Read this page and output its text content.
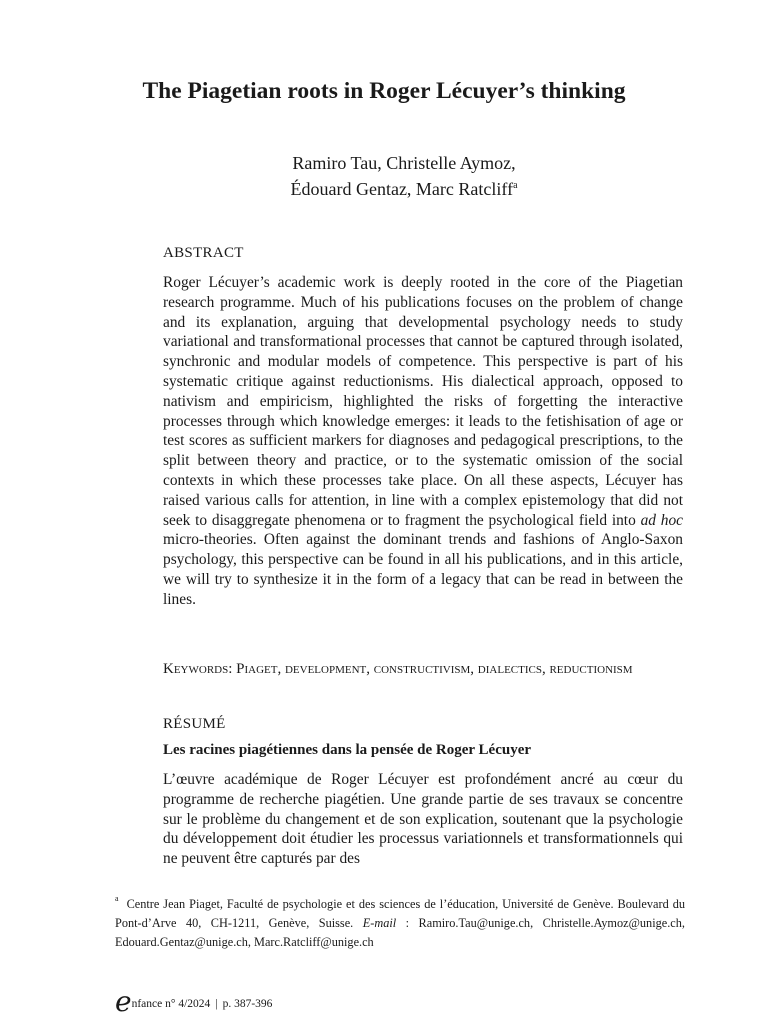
The Piagetian roots in Roger Lécuyer’s thinking
Ramiro Tau, Christelle Aymoz,
Édouard Gentaz, Marc Ratcliff$^a$
ABSTRACT

Roger Lécuyer’s academic work is deeply rooted in the core of the Piagetian research programme. Much of his publications focuses on the problem of change and its explanation, arguing that developmental psychology needs to study variational and transformational processes that cannot be captured through isolated, synchronic and modular models of competence. This perspective is part of his systematic critique against reductionisms. His dialectical approach, opposed to nativism and empiricism, highlighted the risks of forgetting the interactive processes through which knowledge emerges: it leads to the fetishisation of age or test scores as sufficient markers for diagnoses and pedagogical prescriptions, to the split between theory and practice, or to the systematic omission of the social contexts in which these processes take place. On all these aspects, Lécuyer has raised various calls for attention, in line with a complex epistemology that did not seek to disaggregate phenomena or to fragment the psychological field into ad hoc micro-theories. Often against the dominant trends and fashions of Anglo-Saxon psychology, this perspective can be found in all his publications, and in this article, we will try to synthesize it in the form of a legacy that can be read in between the lines.

Keywords: Piaget, development, constructivism, dialectics, reductionism
RÉSUMÉ
Les racines piagétiennes dans la pensée de Roger Lécuyer

L’œuvre académique de Roger Lécuyer est profondément ancré au cœur du programme de recherche piagétien. Une grande partie de ses travaux se concentre sur le problème du changement et de son explication, soutenant que la psychologie du développement doit étudier les processus variationnels et transformationnels qui ne peuvent être capturés par des

$^a$ Centre Jean Piaget, Faculté de psychologie et des sciences de l’éducation, Université de Genève. Boulevard du Pont-d’Arve 40, CH-1211, Genève, Suisse. E-mail : Ramiro.Tau@unige.ch, Christelle.Aymoz@unige.ch, Edouard.Gentaz@unige.ch, Marc.Ratcliff@unige.ch
enfance n° 4/2024 | p. 387-396
